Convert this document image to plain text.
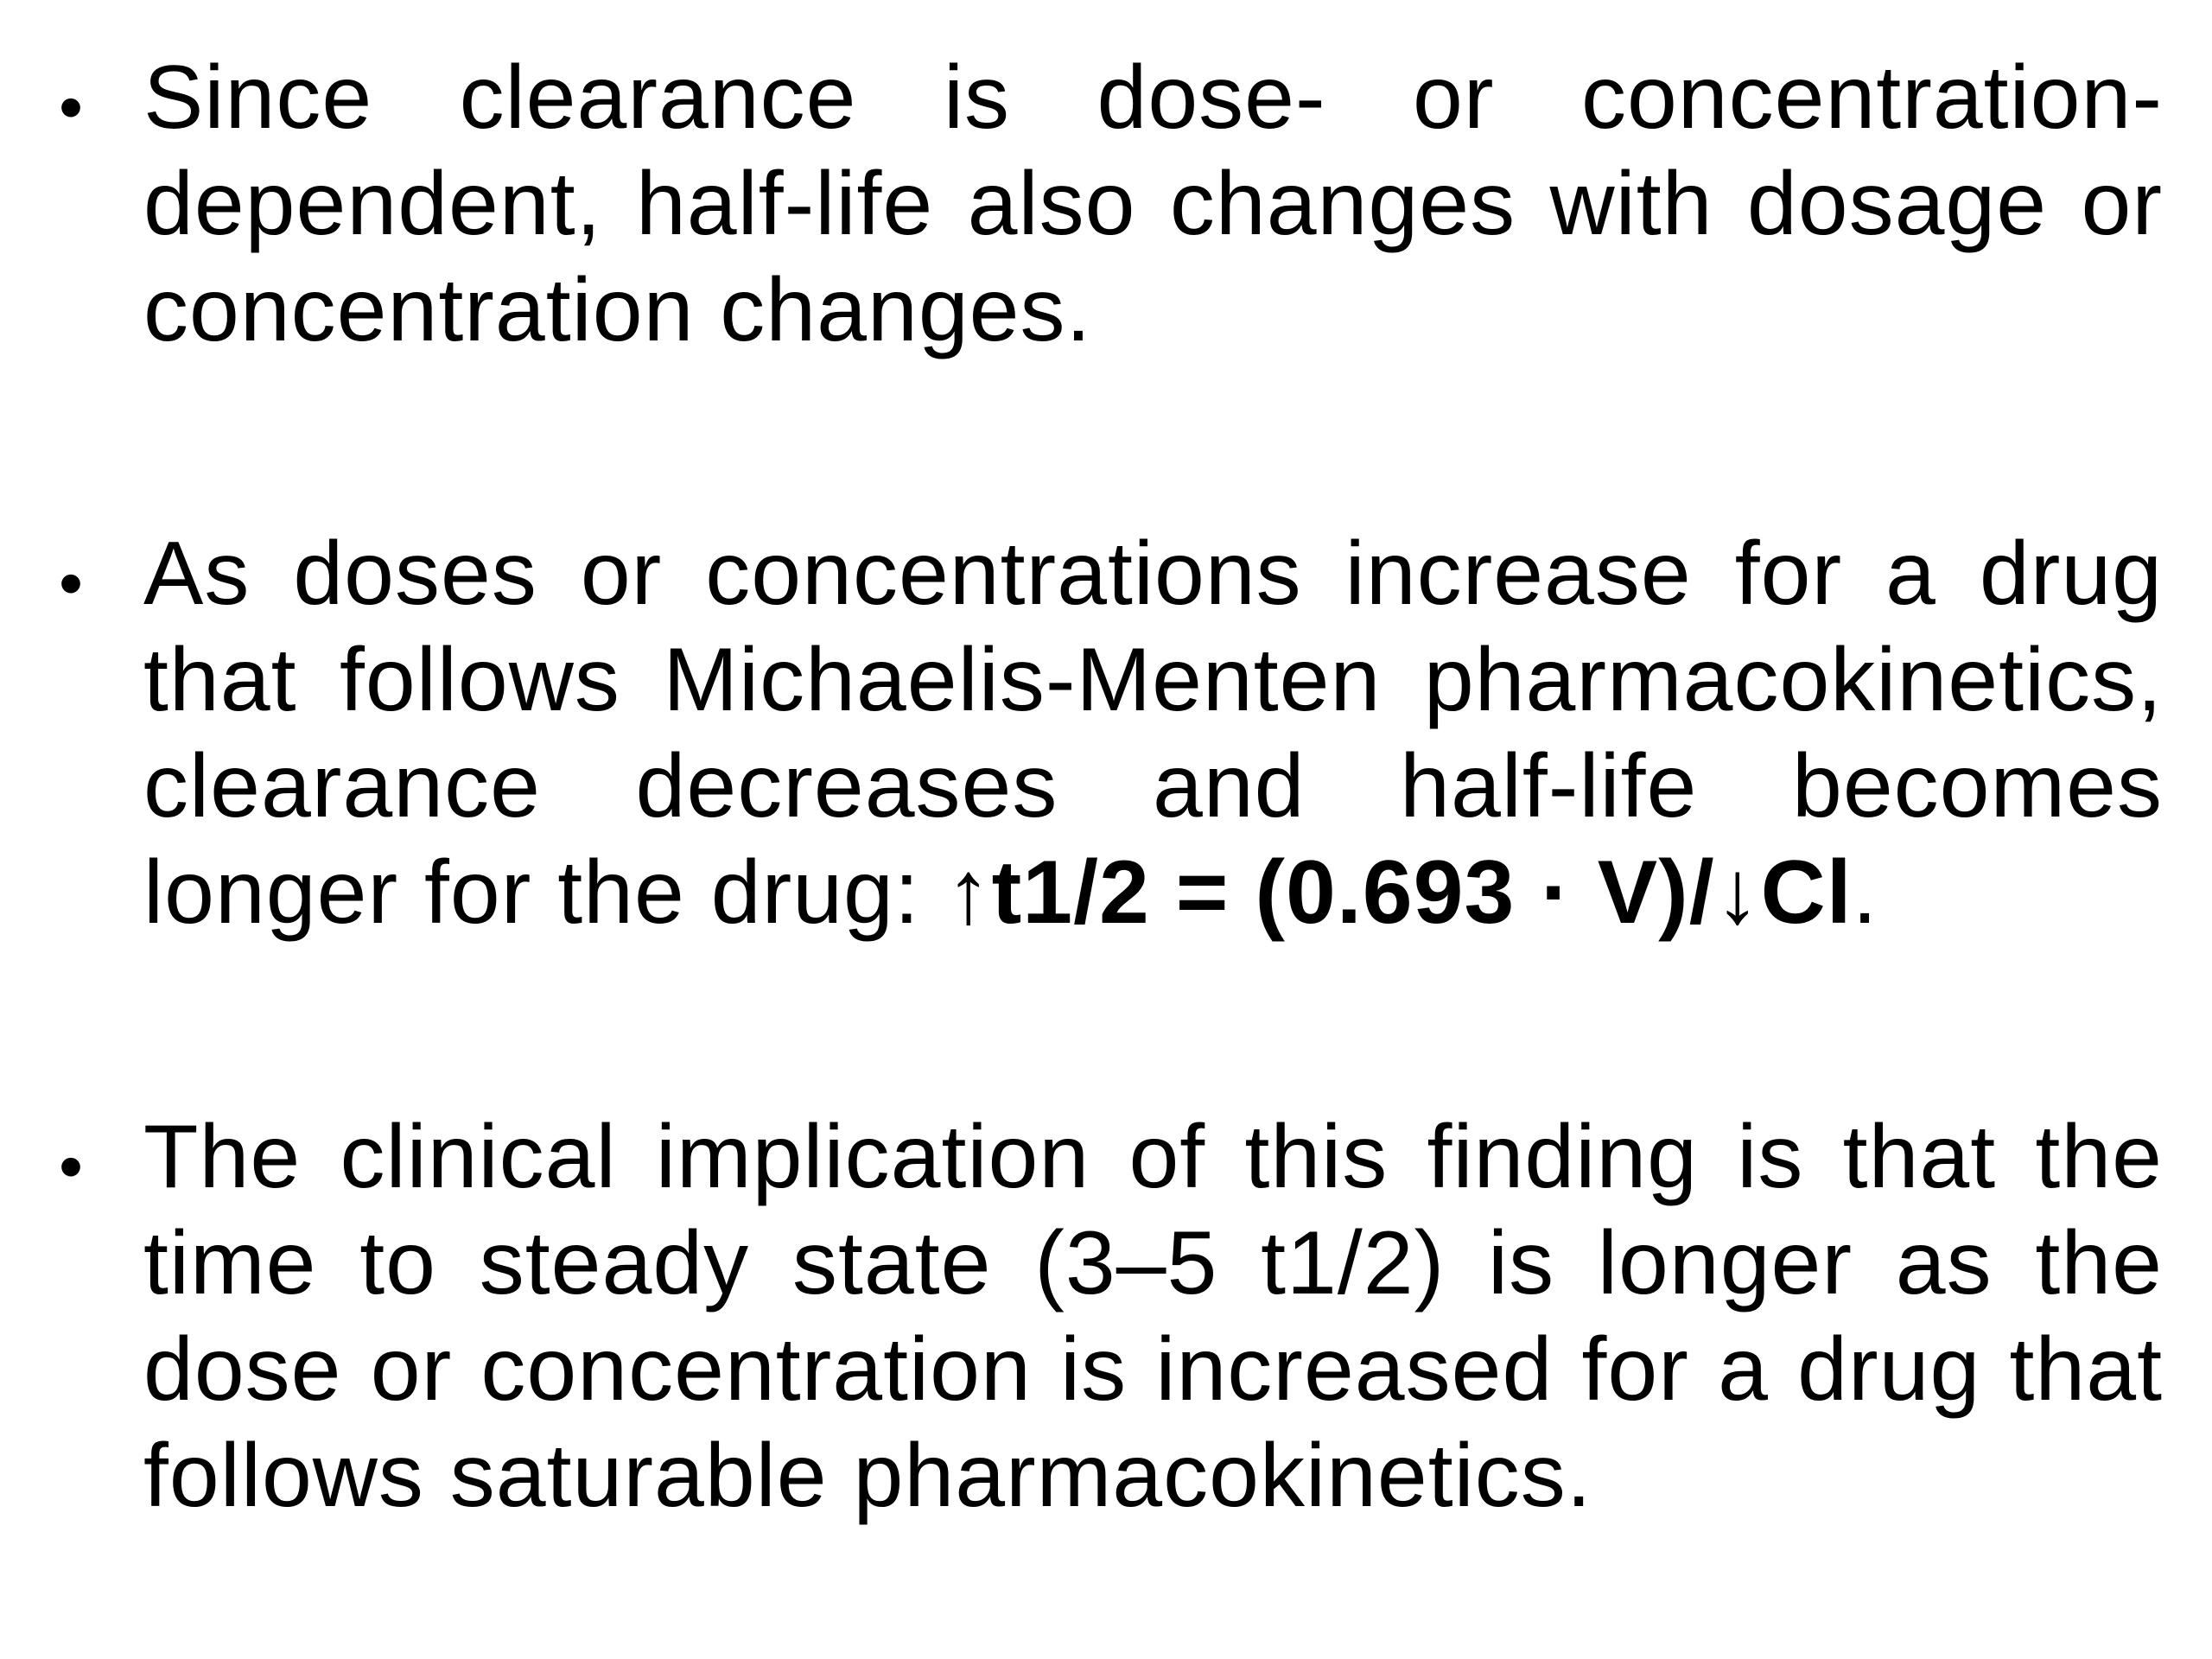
• Since clearance is dose- or concentration-dependent, half-life also changes with dosage or concentration changes.

• As doses or concentrations increase for a drug that follows Michaelis-Menten pharmacokinetics, clearance decreases and half-life becomes longer for the drug: ↑t1/2 = (0.693 · V)/↓Cl.

• The clinical implication of this finding is that the time to steady state (3–5 t1/2) is longer as the dose or concentration is increased for a drug that follows saturable pharmacokinetics.
